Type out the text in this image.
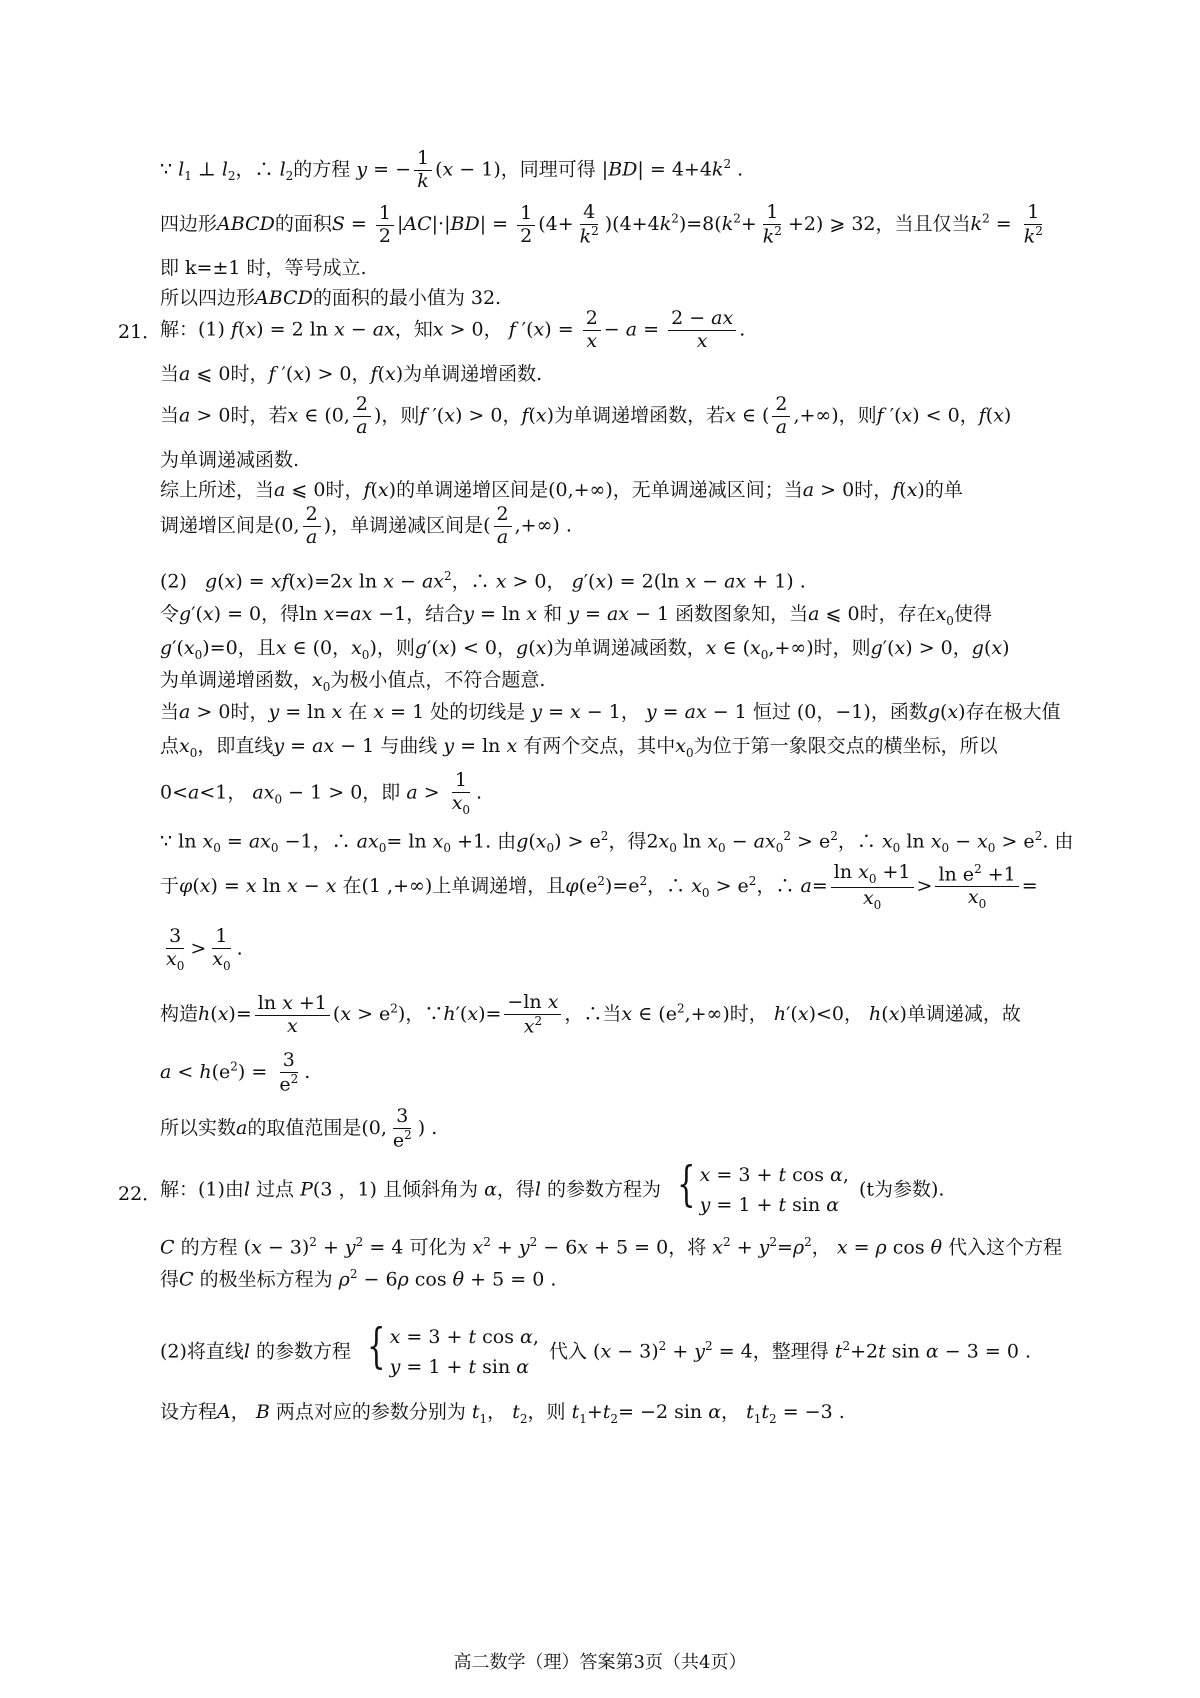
∵ $l_1$ ⊥ $l_2$，∴ $l_2$的方程 y = − $\frac{1}{k} (x - 1)$，同理可得 $|BD| = 4+4k^2$ .
四边形ABCD的面积$S = \frac{1}{2} |AC|\cdot|BD| = \frac{1}{2} (4+ \frac{4}{k^2} )(4+4k^2)=8(k^2+ \frac{1}{k^2} +2)$ ⩾ 32，当且仅当$k^2 = \frac{1}{k^2}$
即 k=±1 时，等号成立.
所以四边形ABCD的面积的最小值为 32.
21．
解：(1) f(x) = 2 ln x − ax，知x > 0， f $'(x) = \frac{2}{x} - a = \frac{2 - ax}{x}$ .
当a ⩽ 0时，f ′(x) > 0，f(x)为单调递增函数.
当a > 0时，若x ∈ (0, $\frac{2}{a}$ )，则f ′(x) > 0，f(x)为单调递增函数，若x ∈ ( $\frac{2}{a}$ ,+∞)，则f ′(x) < 0，f(x)
为单调递减函数.
综上所述，当a ⩽ 0时，f(x)的单调递增区间是(0,+∞)，无单调递减区间；当a > 0时，f(x)的单
调递增区间是(0, $\frac{2}{a}$ )，单调递减区间是( $\frac{2}{a}$ ,+∞) .
(2) g(x) = xf(x)=2x $\ln x - ax^2$，∴ x > 0， g′(x) = 2(ln x − ax + 1) .
令g′(x) = 0，得ln x=ax −1，结合y = ln x 和 y = ax − 1 函数图象知，当a ⩽ 0时，存在$x_0$使得
$g'(x_0)=0$，且x ∈ (0，$x_0$)，则g′(x) < 0，g(x)为单调递减函数，x ∈ $(x_0,+\infty)$时，则g′(x) > 0，g(x)
为单调递增函数，$x_0$为极小值点，不符合题意.
当a > 0时，y = ln x 在 x = 1 处的切线是 y = x − 1， y = ax − 1 恒过 (0，−1)，函数g(x)存在极大值
点$x_0$，即直线y = ax − 1 与曲线 y = ln x 有两个交点，其中$x_0$为位于第一象限交点的横坐标，所以
0<a<1， $ax_0 - 1 > 0$，即 $a > \frac{1}{x_0}$ .
∵ $\ln x_0 = ax_0 -1$，∴ $ax_0= \ln x_0 +1$. 由$g(x_0) > e^2$，得$2x_0$ $\ln x_0 - ax_0^2 > e^2$，∴ $x_0$ $\ln x_0 - x_0 > e^2$. 由
于φ(x) = x ln x − x 在(1 ,+∞)上单调递增，且$\varphi(e^2)=e^2$，∴ $x_0 > e^2$，∴ $a= \frac{\ln x_0 +1}{x_0} > \frac{\ln e^2 +1}{x_0}$ =
$\frac{3}{x_0} > \frac{1}{x_0}$ .
构造$h(x)= \frac{\text{ln x +1}}{x} (x > e^2)$，∵h′(x)= $\frac{\text{−ln x}}{x^2}$ ，∴当x ∈ $(e^2,+\infty)$时， h′(x)<0， h(x)单调递减，故
$a < h(e^2) = \frac{3}{e^2}$ .
所以实数a的取值范围是(0, $\frac{3}{e^2}$ ) .
22．
解：(1)由l 过点 P(3 ，1) 且倾斜角为 α，得l 的参数方程为 { x = 3 + t cos α,
y = 1 + t sin α
(t为参数).
C 的方程 $(x - 3)^2 + y^2 = 4$ 可化为 $x^2 + y^2 - 6x + 5 = 0$，将 $x^2 + y^2=\rho^2$， x = ρ cos θ 代入这个方程
得C 的极坐标方程为 $\rho^2 - 6\rho$ cos θ + 5 = 0 .
(2)将直线l 的参数方程 { x = 3 + t cos α,
y = 1 + t sin α
代入 $(x - 3)^2 + y^2 = 4$，整理得 $t^2+2t$ sin α − 3 = 0 .
设方程A， B 两点对应的参数分别为 $t_1$， $t_2$，则 $t_1+t_2= -2$ sin α， $t_1t_2 = -3$ .
高二数学（理）答案第3页（共4页）
